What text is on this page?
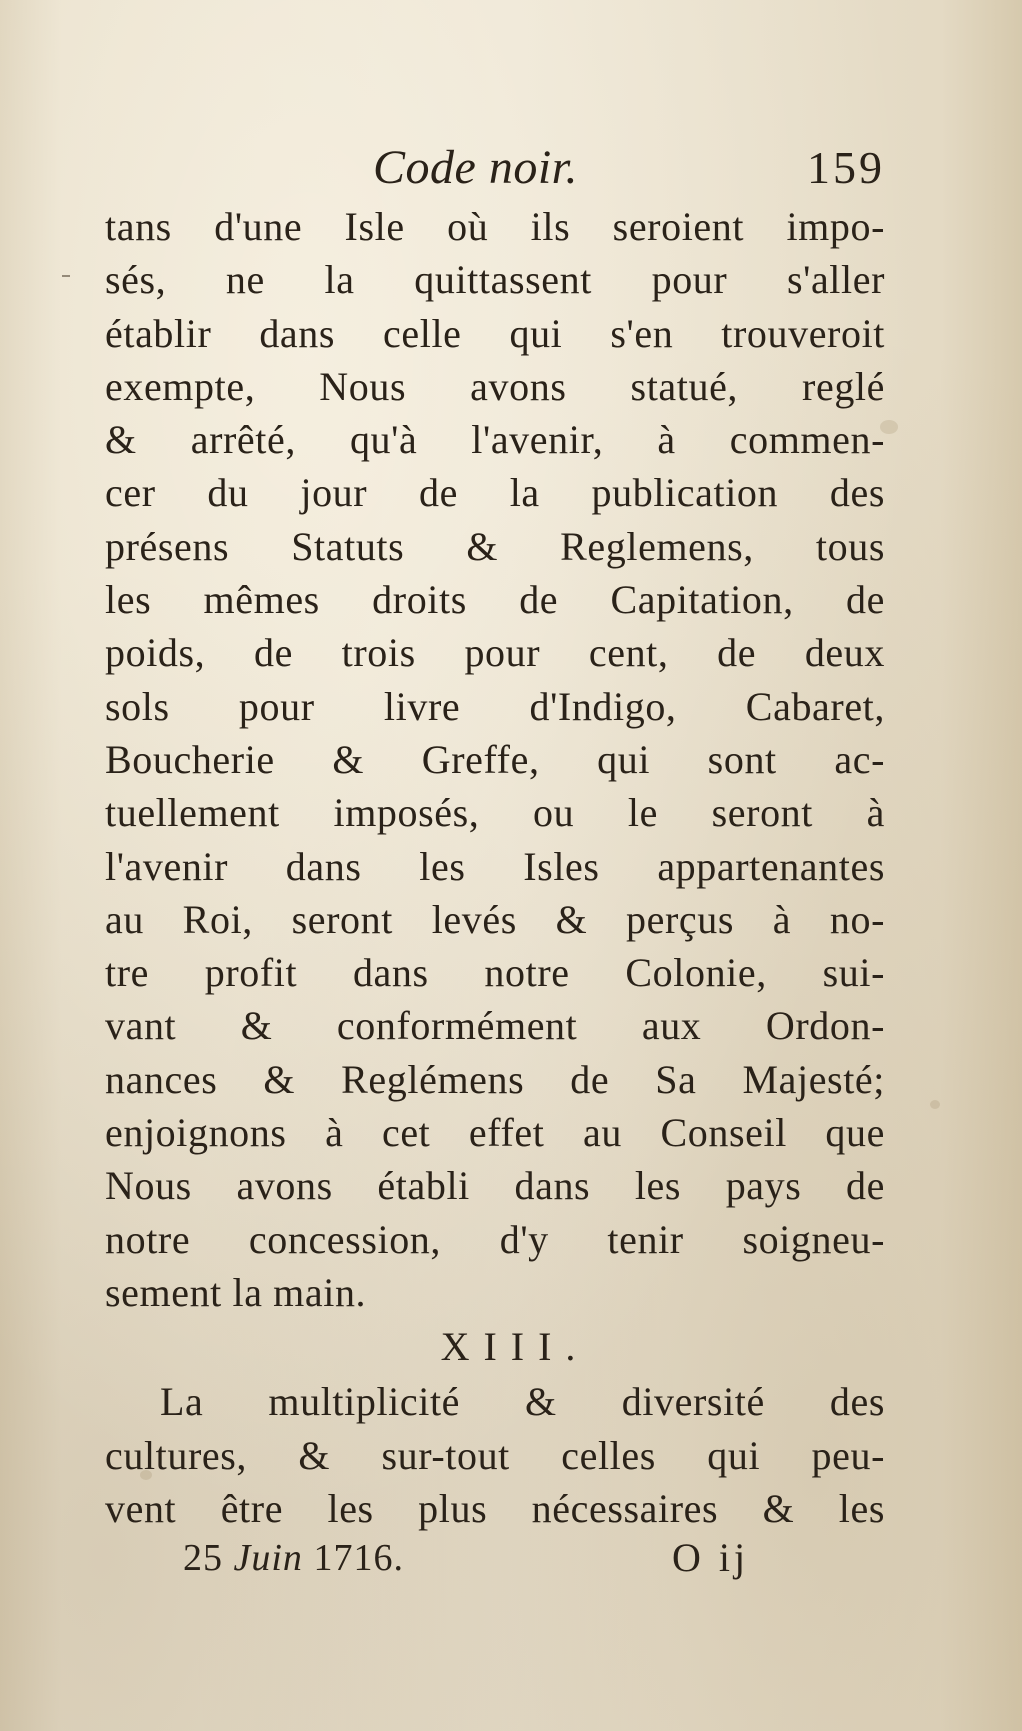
Code noir.	159
tans d'une Isle où ils seroient impo-
sés, ne la quittassent pour s'aller
établir dans celle qui s'en trouveroit
exempte, Nous avons statué, reglé
& arrêté, qu'à l'avenir, à commen-
cer du jour de la publication des
présens Statuts & Reglemens, tous
les mêmes droits de Capitation, de
poids, de trois pour cent, de deux
sols pour livre d'Indigo, Cabaret,
Boucherie & Greffe, qui sont ac-
tuellement imposés, ou le seront à
l'avenir dans les Isles appartenantes
au Roi, seront levés & perçus à no-
tre profit dans notre Colonie, sui-
vant & conformément aux Ordon-
nances & Reglémens de Sa Majesté;
enjoignons à cet effet au Conseil que
Nous avons établi dans les pays de
notre concession, d'y tenir soigneu-
sement la main.
XIII.
La multiplicité & diversité des
cultures, & sur-tout celles qui peu-
vent être les plus nécessaires & les
25 Juin 1716.	O ij
